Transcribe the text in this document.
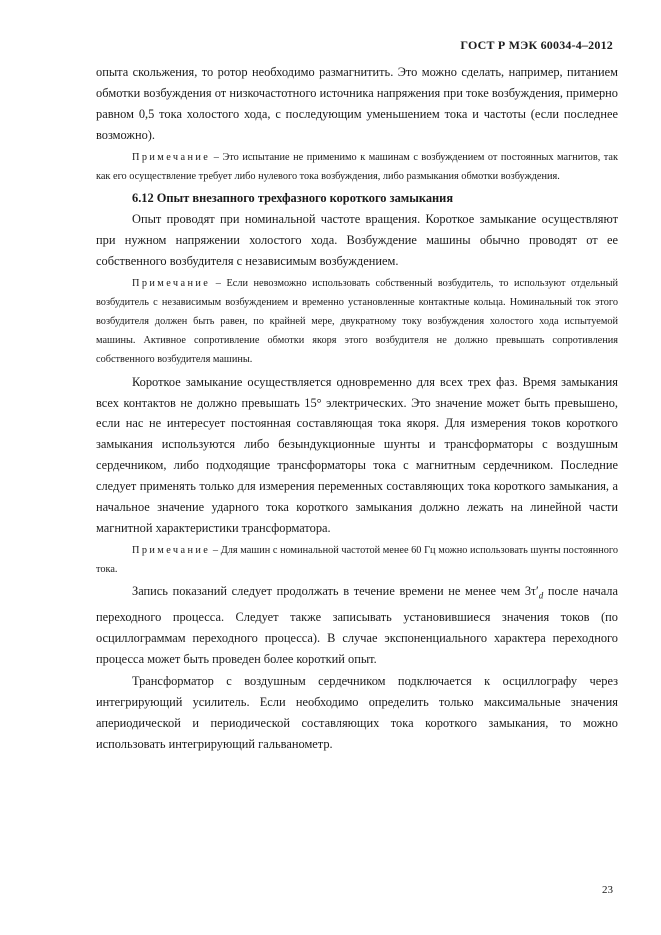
ГОСТ Р МЭК 60034-4–2012

опыта скольжения, то ротор необходимо размагнитить. Это можно сделать, например, питанием обмотки возбуждения от низкочастотного источника напряжения при токе возбуждения, примерно равном 0,5 тока холостого хода, с последующим уменьшением тока и частоты (если последнее возможно).

Примечание – Это испытание не применимо к машинам с возбуждением от постоянных магнитов, так как его осуществление требует либо нулевого тока возбуждения, либо размыкания обмотки возбуждения.

6.12 Опыт внезапного трехфазного короткого замыкания

Опыт проводят при номинальной частоте вращения. Короткое замыкание осуществляют при нужном напряжении холостого хода. Возбуждение машины обычно проводят от ее собственного возбудителя с независимым возбуждением.

Примечание – Если невозможно использовать собственный возбудитель, то используют отдельный возбудитель с независимым возбуждением и временно установленные контактные кольца. Номинальный ток этого возбудителя должен быть равен, по крайней мере, двукратному току возбуждения холостого хода испытуемой машины. Активное сопротивление обмотки якоря этого возбудителя не должно превышать сопротивления собственного возбудителя машины.

Короткое замыкание осуществляется одновременно для всех трех фаз. Время замыкания всех контактов не должно превышать 15° электрических. Это значение может быть превышено, если нас не интересует постоянная составляющая тока якоря. Для измерения токов короткого замыкания используются либо безындукционные шунты и трансформаторы с воздушным сердечником, либо подходящие трансформаторы тока с магнитным сердечником. Последние следует применять только для измерения переменных составляющих тока короткого замыкания, а начальное значение ударного тока короткого замыкания должно лежать на линейной части магнитной характеристики трансформатора.

Примечание – Для машин с номинальной частотой менее 60 Гц можно использовать шунты постоянного тока.

Запись показаний следует продолжать в течение времени не менее чем $3\tau'_d$ после начала переходного процесса. Следует также записывать установившиеся значения токов (по осциллограммам переходного процесса). В случае экспоненциального характера переходного процесса может быть проведен более короткий опыт.

Трансформатор с воздушным сердечником подключается к осциллографу через интегрирующий усилитель. Если необходимо определить только максимальные значения апериодической и периодической составляющих тока короткого замыкания, то можно использовать интегрирующий гальванометр.

23
